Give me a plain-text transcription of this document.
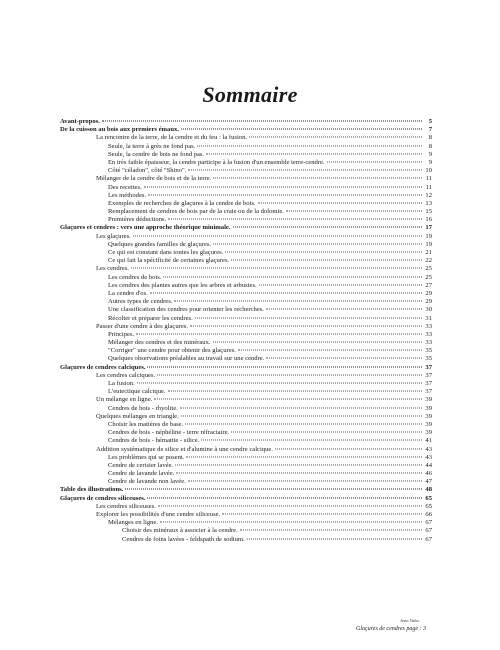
Sommaire
Avant-propos.	5
De la cuisson au bois aux premiers émaux.	7
La rencontre de la terre, de la cendre et du feu : la fusion.	8
Seule, la terre à grès ne fond pas.	8
Seule, la cendre de bois ne fond pas.	9
En très faible épaisseur, la cendre participe à la fusion d'un ensemble terre-cendre.	9
Côté "céladon", côté "Shino".	10
Mélanger de la cendre de bois et de la terre.	11
Des recettes.	11
Les méthodes.	12
Exemples de recherches de glaçures à la cendre de bois.	13
Remplacement de cendres de bois par de la craie ou de la dolomie.	15
Premières déductions.	16
Glaçures et cendres : vers une approche théorique minimale.	17
Les glaçures.	19
Quelques grandes familles de glaçures.	19
Ce qui est constant dans toutes les glaçures.	21
Ce qui fait la spécificité de certaines glaçures.	22
Les cendres.	25
Les cendres de bois.	25
Les cendres des plantes autres que les arbres et arbustes.	27
La cendre d'os.	29
Autres types de cendres.	29
Une classification des cendres pour orienter les recherches.	30
Récolter et préparer les cendres.	31
Passer d'une cendre à des glaçures.	33
Principes.	33
Mélanger des cendres et des minéraux.	33
"Corriger" une cendre pour obtenir des glaçures.	35
Quelques observations préalables au travail sur une cendre.	35
Glaçures de cendres calciques.	37
Les cendres calciques.	37
La fusion.	37
L'eutectique calcique.	37
Un mélange en ligne.	39
Cendres de bois - rhyolite.	39
Quelques mélanges en triangle.	39
Choisir les matières de base.	39
Cendres de bois - néphéline - terre réfractaire.	39
Cendres de bois - hématite - silice.	41
Addition systématique de silice et d'alumine à une cendre calcique.	43
Les problèmes qui se posent.	43
Cendre de cerisier lavée.	44
Cendre de lavande lavée.	46
Cendre de lavande non lavée.	47
Table des illustrations.	48
Glaçures de cendres siliceuses.	65
Les cendres siliceuses.	65
Explorer les possibilités d'une cendre siliceuse.	66
Mélanges en ligne.	67
Choisir des minéraux à associer à la cendre.	67
Cendres de foins lavées - feldspath de sodium.	67
Jean Vuhu
Glaçures de cendres page : 3
